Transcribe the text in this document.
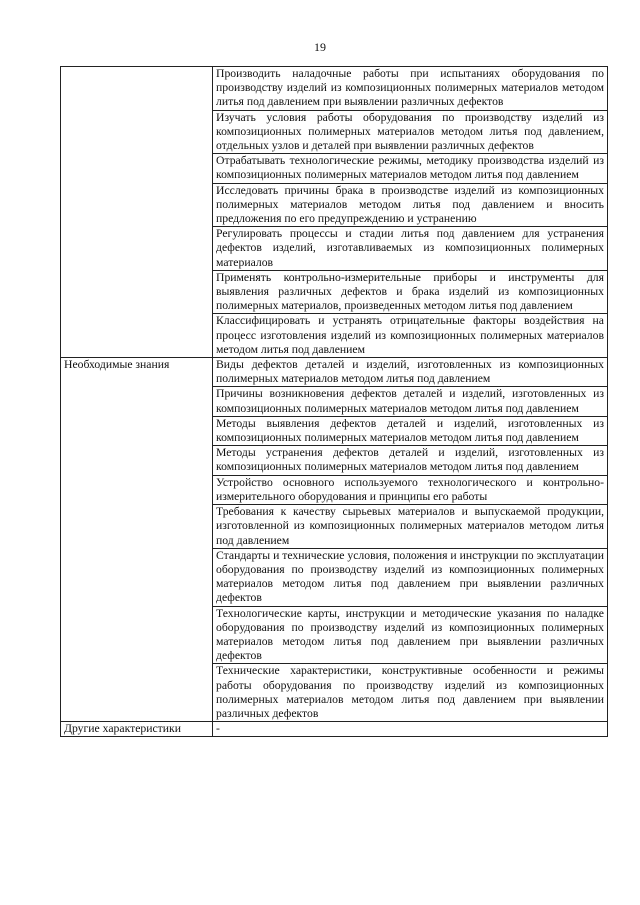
19
	Производить наладочные работы при испытаниях оборудования по производству изделий из композиционных полимерных материалов методом литья под давлением при выявлении различных дефектов
	Изучать условия работы оборудования по производству изделий из композиционных полимерных материалов методом литья под давлением, отдельных узлов и деталей при выявлении различных дефектов
	Отрабатывать технологические режимы, методику производства изделий из композиционных полимерных материалов методом литья под давлением
	Исследовать причины брака в производстве изделий из композиционных полимерных материалов методом литья под давлением и вносить предложения по его предупреждению и устранению
	Регулировать процессы и стадии литья под давлением для устранения дефектов изделий, изготавливаемых из композиционных полимерных материалов
	Применять контрольно-измерительные приборы и инструменты для выявления различных дефектов и брака изделий из композиционных полимерных материалов, произведенных методом литья под давлением
	Классифицировать и устранять отрицательные факторы воздействия на процесс изготовления изделий из композиционных полимерных материалов методом литья под давлением
Необходимые знания	Виды дефектов деталей и изделий, изготовленных из композиционных полимерных материалов методом литья под давлением
	Причины возникновения дефектов деталей и изделий, изготовленных из композиционных полимерных материалов методом литья под давлением
	Методы выявления дефектов деталей и изделий, изготовленных из композиционных полимерных материалов методом литья под давлением
	Методы устранения дефектов деталей и изделий, изготовленных из композиционных полимерных материалов методом литья под давлением
	Устройство основного используемого технологического и контрольно-измерительного оборудования и принципы его работы
	Требования к качеству сырьевых материалов и выпускаемой продукции, изготовленной из композиционных полимерных материалов методом литья под давлением
	Стандарты и технические условия, положения и инструкции по эксплуатации оборудования по производству изделий из композиционных полимерных материалов методом литья под давлением при выявлении различных дефектов
	Технологические карты, инструкции и методические указания по наладке оборудования по производству изделий из композиционных полимерных материалов методом литья под давлением при выявлении различных дефектов
	Технические характеристики, конструктивные особенности и режимы работы оборудования по производству изделий из композиционных полимерных материалов методом литья под давлением при выявлении различных дефектов
Другие характеристики	-
